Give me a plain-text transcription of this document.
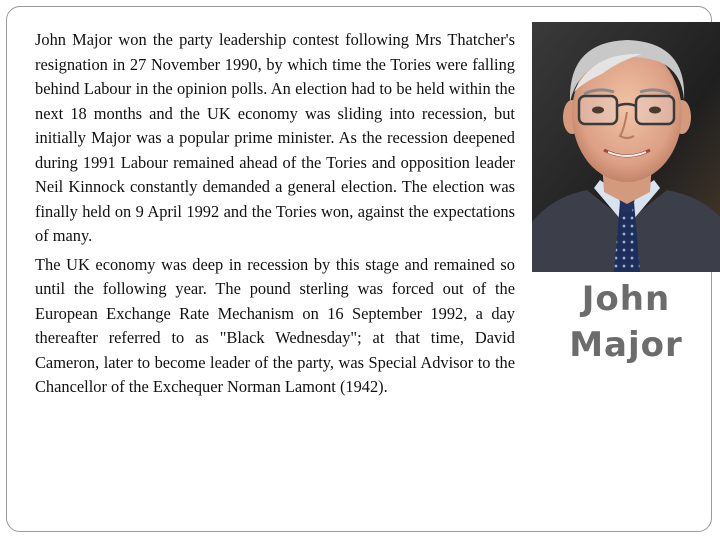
John Major won the party leadership contest following Mrs Thatcher's resignation in 27 November 1990, by which time the Tories were falling behind Labour in the opinion polls. An election had to be held within the next 18 months and the UK economy was sliding into recession, but initially Major was a popular prime minister. As the recession deepened during 1991 Labour remained ahead of the Tories and opposition leader Neil Kinnock constantly demanded a general election. The election was finally held on 9 April 1992 and the Tories won, against the expectations of many.

The UK economy was deep in recession by this stage and remained so until the following year. The pound sterling was forced out of the European Exchange Rate Mechanism on 16 September 1992, a day thereafter referred to as "Black Wednesday"; at that time, David Cameron, later to become leader of the party, was Special Advisor to the Chancellor of the Exchequer Norman Lamont (1942).

John Major
